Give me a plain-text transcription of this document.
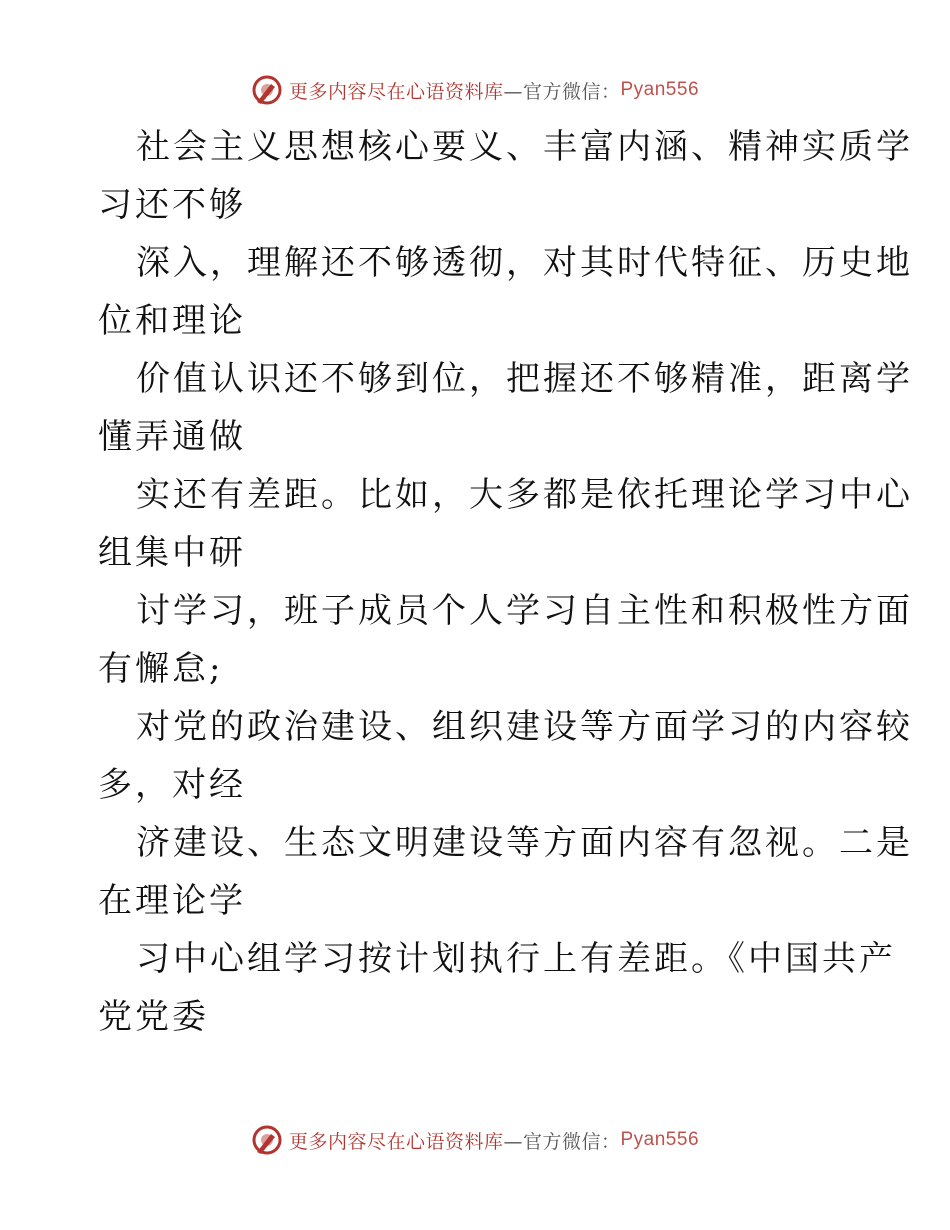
更多内容尽在心语资料库 —官方微信： Pyan556

社会主义思想核心要义、丰富内涵、精神实质学
习还不够

深入，理解还不够透彻，对其时代特征、历史地
位和理论

价值认识还不够到位，把握还不够精准，距离学
懂弄通做

实还有差距。比如，大多都是依托理论学习中心
组集中研

讨学习，班子成员个人学习自主性和积极性方面
有懈怠;

对党的政治建设、组织建设等方面学习的内容较
多，对经

济建设、生态文明建设等方面内容有忽视。二是
在理论学

习中心组学习按计划执行上有差距。《中国共产
党党委

更多内容尽在心语资料库 —官方微信： Pyan556
